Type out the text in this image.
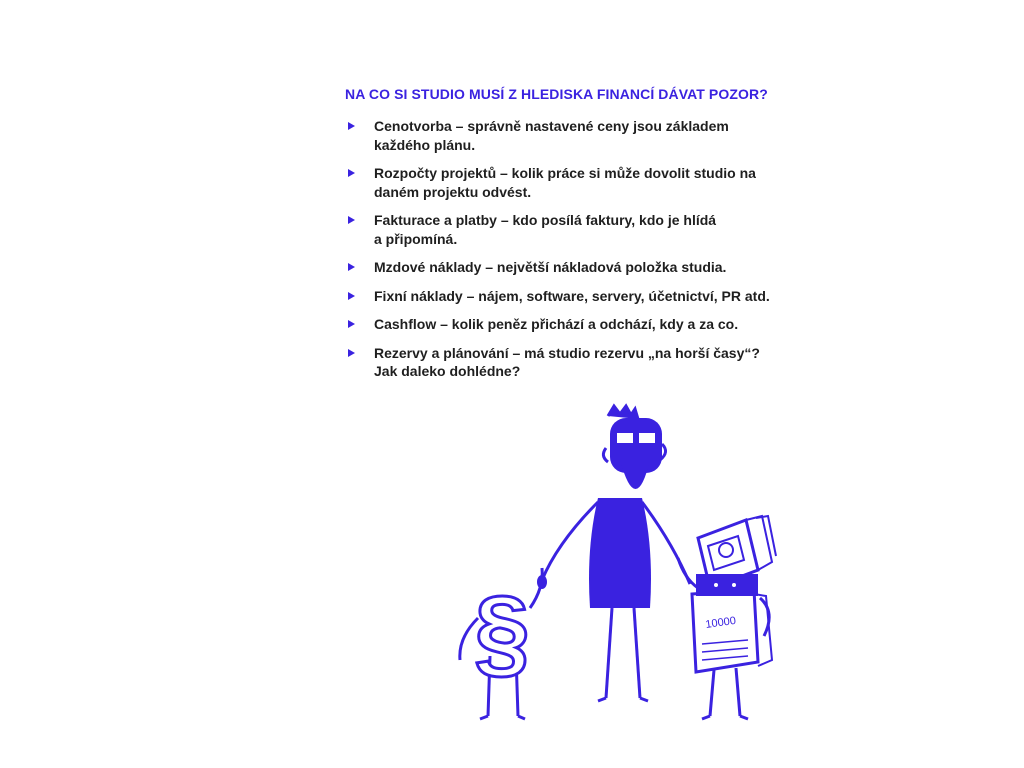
NA CO SI STUDIO MUSÍ Z HLEDISKA FINANCÍ DÁVAT POZOR?
Cenotvorba – správně nastavené ceny jsou základem
každého plánu.
Rozpočty projektů – kolik práce si může dovolit studio na
daném projektu odvést.
Fakturace a platby – kdo posílá faktury, kdo je hlídá
a připomíná.
Mzdové náklady – největší nákladová položka studia.
Fixní náklady – nájem, software, servery, účetnictví, PR atd.
Cashflow – kolik peněz přichází a odchází, kdy a za co.
Rezervy a plánování – má studio rezervu „na horší časy“?
Jak daleko dohlédne?
§	10000
